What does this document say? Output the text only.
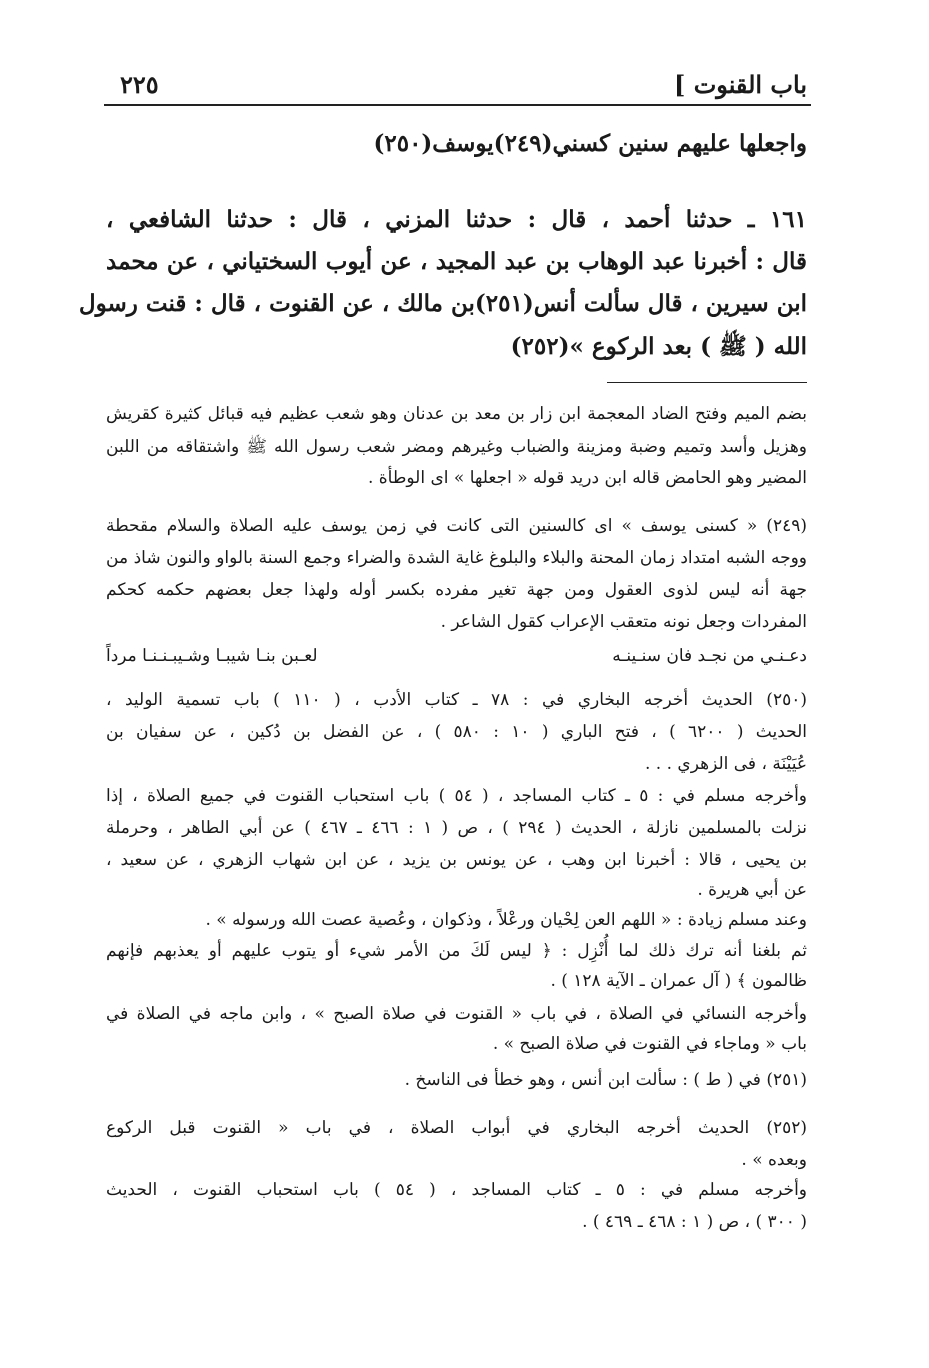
باب القنوت ]
٢٢٥
واجعلها عليهم سنين كسني(٢٤٩)يوسف(٢٥٠)
١٦١ ـ حدثنا أحمد ، قال : حدثنا المزني ، قال : حدثنا الشافعي ،
قال : أخبرنا عبد الوهاب بن عبد المجيد ، عن أيوب السختياني ، عن محمد
ابن سيرين ، قال سألت أنس(٢٥١)بن مالك ، عن القنوت ، قال : قنت رسول
الله ( ﷺ ) بعد الركوع »(٢٥٢)
بضم الميم وفتح الضاد المعجمة ابن زار بن معد بن عدنان وهو شعب عظيم فيه قبائل كثيرة كقريش
وهزيل وأسد وتميم وضبة ومزينة والضباب وغيرهم ومضر شعب رسول الله ﷺ واشتقاقه من اللبن
المضير وهو الحامض قاله ابن دريد قوله « اجعلها » اى الوطأة .
(٢٤٩) « كسنى يوسف » اى كالسنين التى كانت في زمن يوسف عليه الصلاة والسلام مقحطة
ووجه الشبه امتداد زمان المحنة والبلاء والبلوغ غاية الشدة والضراء وجمع السنة بالواو والنون شاذ من
جهة أنه ليس لذوى العقول ومن جهة تغير مفرده بكسر أوله ولهذا جعل بعضهم حكمه كحكم
المفردات وجعل نونه متعقب الإعراب كقول الشاعر .
دعـنـي من نجـد فان سنـينـه
لعـبن بنـا شيبـا وشـيبـنـنـا مرداً
(٢٥٠) الحديث أخرجه البخاري في : ٧٨ ـ كتاب الأدب ، ( ١١٠ ) باب تسمية الوليد ،
الحديث ( ٦٢٠٠ ) ، فتح الباري ( ١٠ : ٥٨٠ ) ، عن الفضل بن دُكين ، عن سفيان بن
عُيَيْنَة ، فى الزهري . . .
وأخرجه مسلم في : ٥ ـ كتاب المساجد ، ( ٥٤ ) باب استحباب القنوت في جميع الصلاة ، إذا
نزلت بالمسلمين نازلة ، الحديث ( ٢٩٤ ) ، ص ( ١ : ٤٦٦ ـ ٤٦٧ ) عن أبي الطاهر ، وحرملة
بن يحيى ، قالا : أخبرنا ابن وهب ، عن يونس بن يزيد ، عن ابن شهاب الزهري ، عن سعيد ،
عن أبي هريرة .
وعند مسلم زيادة : « اللهم العن لِحْيان ورعْلاً ، وذكوان ، وعُصية عصت الله ورسوله » .
ثم بلغنا أنه ترك ذلك لما أُنْزِل : ﴿ ليس لَكَ من الأمر شيء أو يتوب عليهم أو يعذبهم فإنهم
ظالمون ﴾ ( آل عمران ـ الآية ١٢٨ ) .
وأخرجه النسائي في الصلاة ، في باب « القنوت في صلاة الصبح » ، وابن ماجه في الصلاة في
باب « وماجاء في القنوت في صلاة الصبح » .
(٢٥١) في ( ط ) : سألت ابن أنس ، وهو خطأ فى الناسخ .
(٢٥٢) الحديث أخرجه البخاري في أبواب الصلاة ، في باب « القنوت قبل الركوع
وبعده » .
وأخرجه مسلم في : ٥ ـ كتاب المساجد ، ( ٥٤ ) باب استحباب القنوت ، الحديث
( ٣٠٠ ) ، ص ( ١ : ٤٦٨ ـ ٤٦٩ ) .
